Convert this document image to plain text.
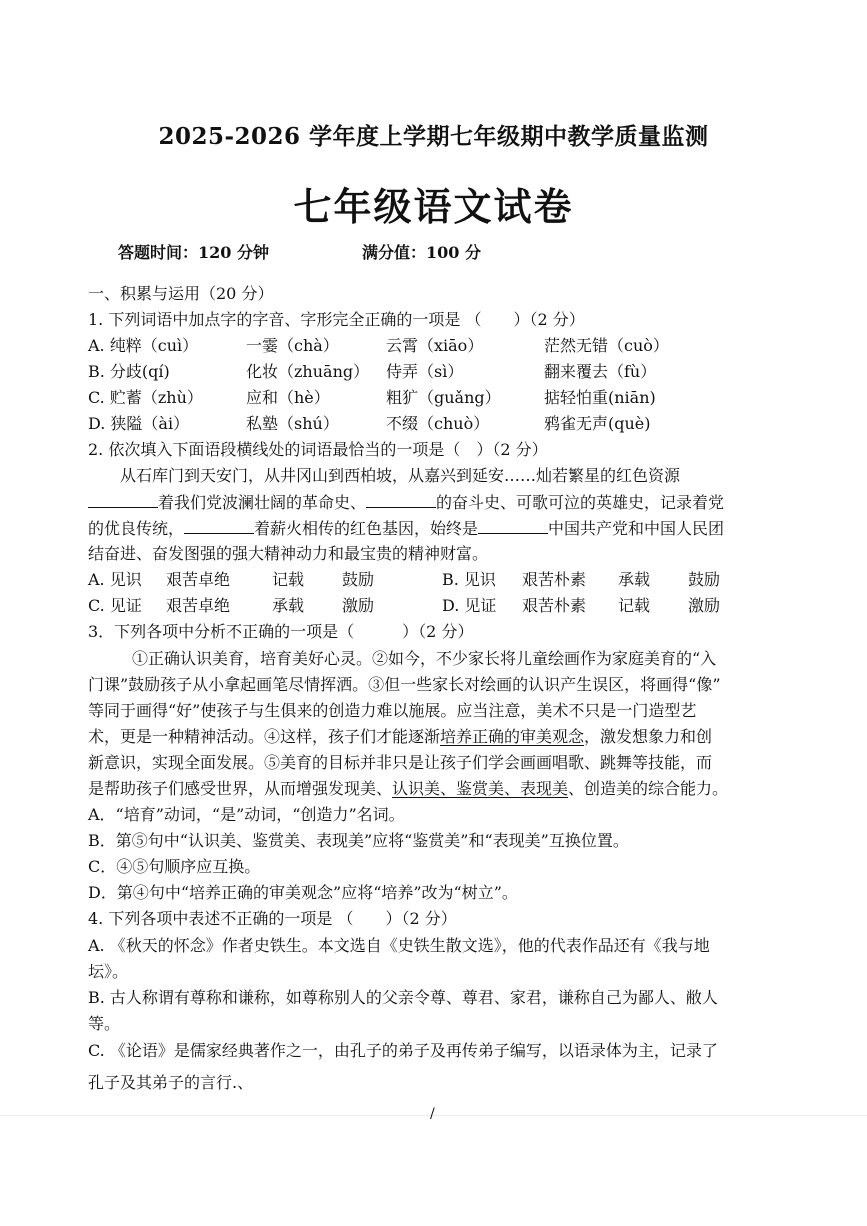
2025-2026 学年度上学期七年级期中教学质量监测
七年级语文试卷
答题时间：120 分钟	满分值：100 分
一、积累与运用（20 分）
1. 下列词语中加点字的字音、字形完全正确的一项是 （　　）（2 分）
A. 纯粹（cuì）	一霎（chà）	云霄（xiāo）	茫然无错（cuò）
B. 分歧(qí)	化妆（zhuāng） 侍弄（sì）	翻来覆去（fù）
C. 贮蓄（zhù）	应和（hè）	粗犷（guǎng）	掂轻怕重(niān)
D. 狭隘（ài）	私塾（shú）	不缀（chuò）	鸦雀无声(què)
2. 依次填入下面语段横线处的词语最恰当的一项是（　）（2 分）
从石库门到天安门，从井冈山到西柏坡，从嘉兴到延安……灿若繁星的红色资源
着我们党波澜壮阔的革命史、	的奋斗史、可歌可泣的英雄史，记录着党
的优良传统，	着薪火相传的红色基因，始终是	中国共产党和中国人民团
结奋进、奋发图强的强大精神动力和最宝贵的精神财富。
A. 见识 艰苦卓绝	记载 鼓励	B. 见识 艰苦朴素 承载 鼓励
C. 见证 艰苦卓绝	承载 激励	D. 见证 艰苦朴素 记载 激励
3．下列各项中分析不正确的一项是（　　　）（2 分）
①正确认识美育，培育美好心灵。②如今，不少家长将儿童绘画作为家庭美育的“入
门课”鼓励孩子从小拿起画笔尽情挥洒。③但一些家长对绘画的认识产生误区，将画得“像”
等同于画得“好”使孩子与生俱来的创造力难以施展。应当注意，美术不只是一门造型艺
术，更是一种精神活动。④这样，孩子们才能逐渐培养正确的审美观念，激发想象力和创
新意识，实现全面发展。⑤美育的目标并非只是让孩子们学会画画唱歌、跳舞等技能，而
是帮助孩子们感受世界，从而增强发现美、认识美、鉴赏美、表现美、创造美的综合能力。
A．“培育”动词，“是”动词，“创造力”名词。
B．第⑤句中“认识美、鉴赏美、表现美”应将“鉴赏美”和“表现美”互换位置。
C．④⑤句顺序应互换。
D．第④句中“培养正确的审美观念”应将“培养”改为“树立”。
4. 下列各项中表述不正确的一项是 （　　）（2 分）
A. 《秋天的怀念》作者史铁生。本文选自《史铁生散文选》，他的代表作品还有《我与地
坛》。
B. 古人称谓有尊称和谦称，如尊称别人的父亲令尊、尊君、家君，谦称自己为鄙人、敝人
等。
C. 《论语》是儒家经典著作之一，由孔子的弟子及再传弟子编写，以语录体为主，记录了
孔子及其弟子的言行.、
/
